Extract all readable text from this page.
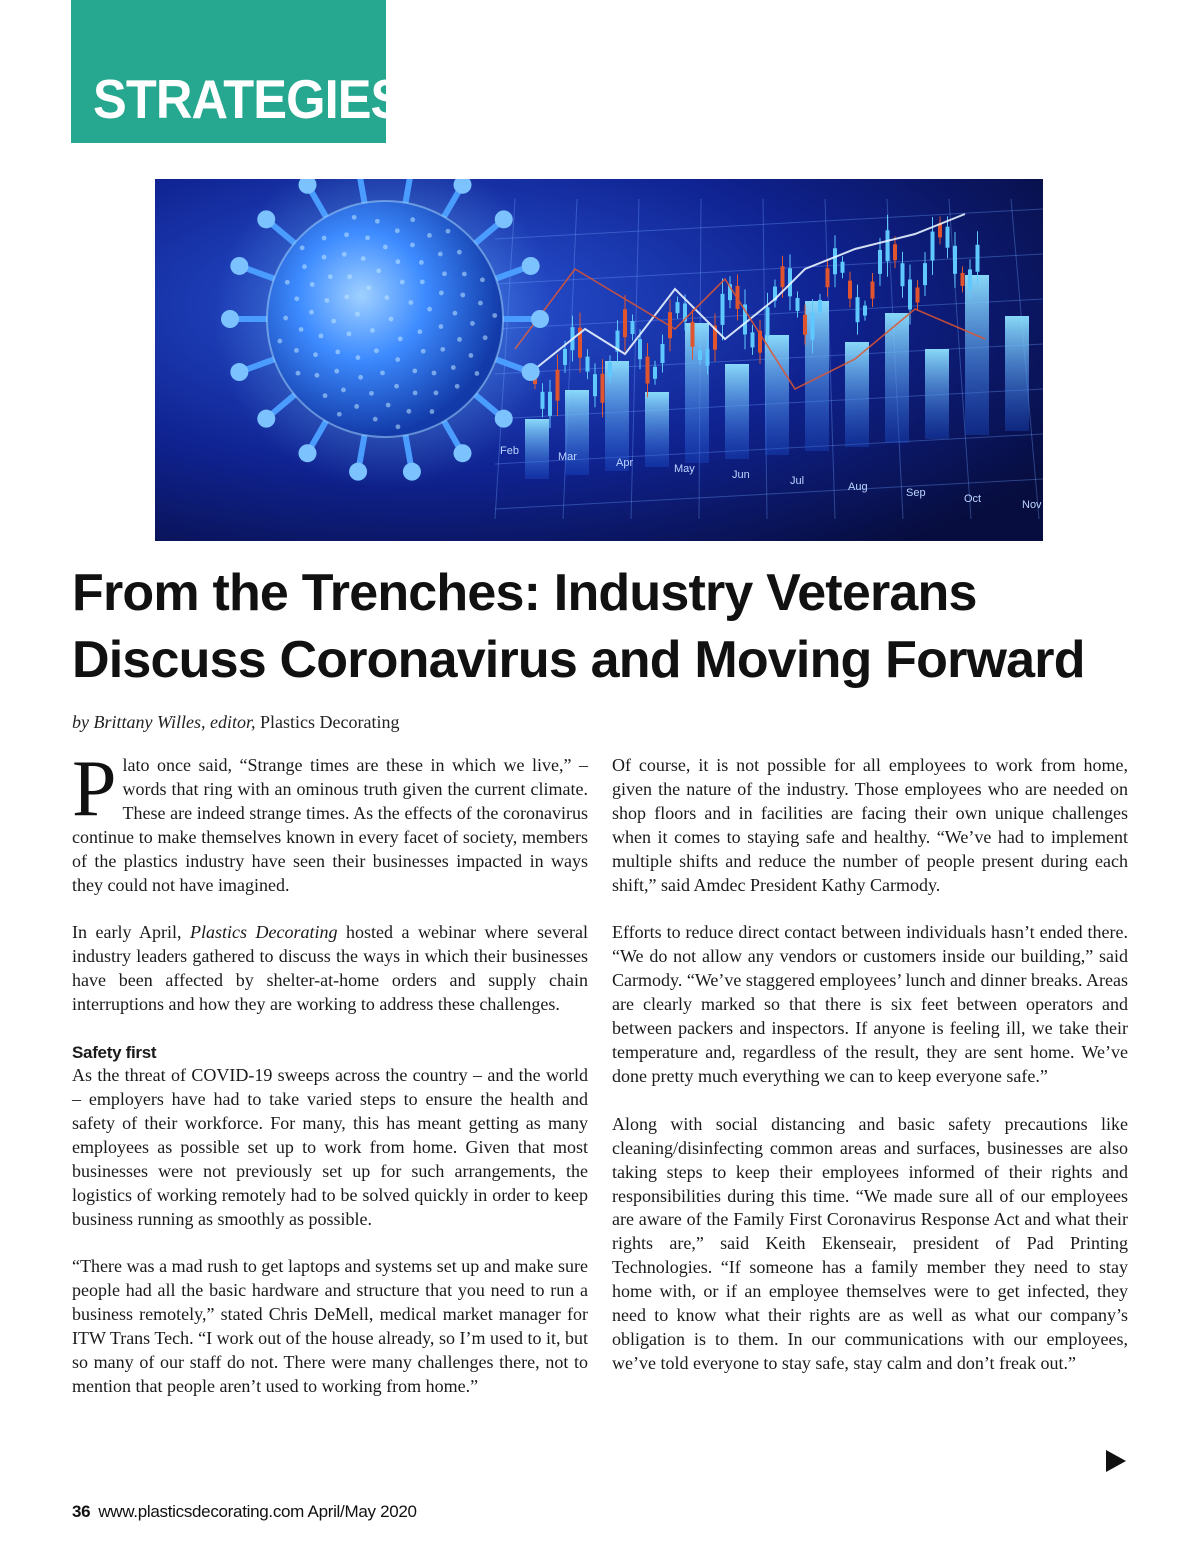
STRATEGIES
Feb	Mar	Apr	May	Jun	Jul	Aug	Sep	Oct	Nov
From the Trenches: Industry Veterans Discuss Coronavirus and Moving Forward
by Brittany Willes, editor, Plastics Decorating

Plato once said, “Strange times are these in which we live,” – words that ring with an ominous truth given the current climate. These are indeed strange times. As the effects of the coronavirus continue to make themselves known in every facet of society, members of the plastics industry have seen their businesses impacted in ways they could not have imagined.

In early April, Plastics Decorating hosted a webinar where several industry leaders gathered to discuss the ways in which their businesses have been affected by shelter-at-home orders and supply chain interruptions and how they are working to address these challenges.

Safety first

As the threat of COVID-19 sweeps across the country – and the world – employers have had to take varied steps to ensure the health and safety of their workforce. For many, this has meant getting as many employees as possible set up to work from home. Given that most businesses were not previously set up for such arrangements, the logistics of working remotely had to be solved quickly in order to keep business running as smoothly as possible.

“There was a mad rush to get laptops and systems set up and make sure people had all the basic hardware and structure that you need to run a business remotely,” stated Chris DeMell, medical market manager for ITW Trans Tech. “I work out of the house already, so I’m used to it, but so many of our staff do not. There were many challenges there, not to mention that people aren’t used to working from home.”

Of course, it is not possible for all employees to work from home, given the nature of the industry. Those employees who are needed on shop floors and in facilities are facing their own unique challenges when it comes to staying safe and healthy. “We’ve had to implement multiple shifts and reduce the number of people present during each shift,” said Amdec President Kathy Carmody.

Efforts to reduce direct contact between individuals hasn’t ended there. “We do not allow any vendors or customers inside our building,” said Carmody. “We’ve staggered employees’ lunch and dinner breaks. Areas are clearly marked so that there is six feet between operators and between packers and inspectors. If anyone is feeling ill, we take their temperature and, regardless of the result, they are sent home. We’ve done pretty much everything we can to keep everyone safe.”

Along with social distancing and basic safety precautions like cleaning/disinfecting common areas and surfaces, businesses are also taking steps to keep their employees informed of their rights and responsibilities during this time. “We made sure all of our employees are aware of the Family First Coronavirus Response Act and what their rights are,” said Keith Ekenseair, president of Pad Printing Technologies. “If someone has a family member they need to stay home with, or if an employee themselves were to get infected, they need to know what their rights are as well as what our company’s obligation is to them. In our communications with our employees, we’ve told everyone to stay safe, stay calm and don’t freak out.”

36 www.plasticsdecorating.com April/May 2020
